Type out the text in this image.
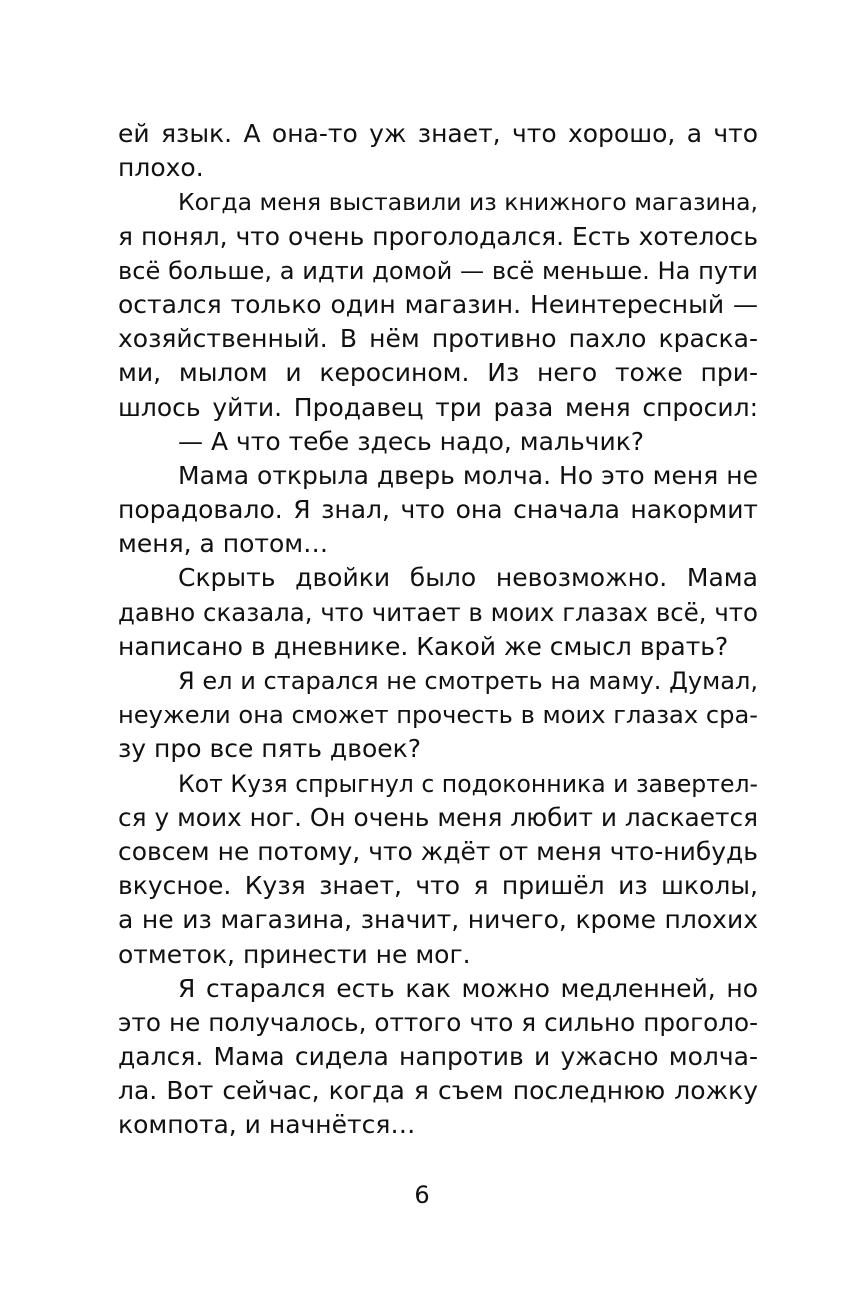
ей язык. А она-то уж знает, что хорошо, а что
плохо.
Когда меня выставили из книжного магазина,
я понял, что очень проголодался. Есть хотелось
всё больше, а идти домой — всё меньше. На пути
остался только один магазин. Неинтересный —
хозяйственный. В нём противно пахло краска-
ми, мылом и керосином. Из него тоже при-
шлось уйти. Продавец три раза меня спросил:
— А что тебе здесь надо, мальчик?
Мама открыла дверь молча. Но это меня не
порадовало. Я знал, что она сначала накормит
меня, а потом…
Скрыть двойки было невозможно. Мама
давно сказала, что читает в моих глазах всё, что
написано в дневнике. Какой же смысл врать?
Я ел и старался не смотреть на маму. Думал,
неужели она сможет прочесть в моих глазах сра-
зу про все пять двоек?
Кот Кузя спрыгнул с подоконника и завертел-
ся у моих ног. Он очень меня любит и ласкается
совсем не потому, что ждёт от меня что-нибудь
вкусное. Кузя знает, что я пришёл из школы,
а не из магазина, значит, ничего, кроме плохих
отметок, принести не мог.
Я старался есть как можно медленней, но
это не получалось, оттого что я сильно проголо-
дался. Мама сидела напротив и ужасно молча-
ла. Вот сейчас, когда я съем последнюю ложку
компота, и начнётся…
6
